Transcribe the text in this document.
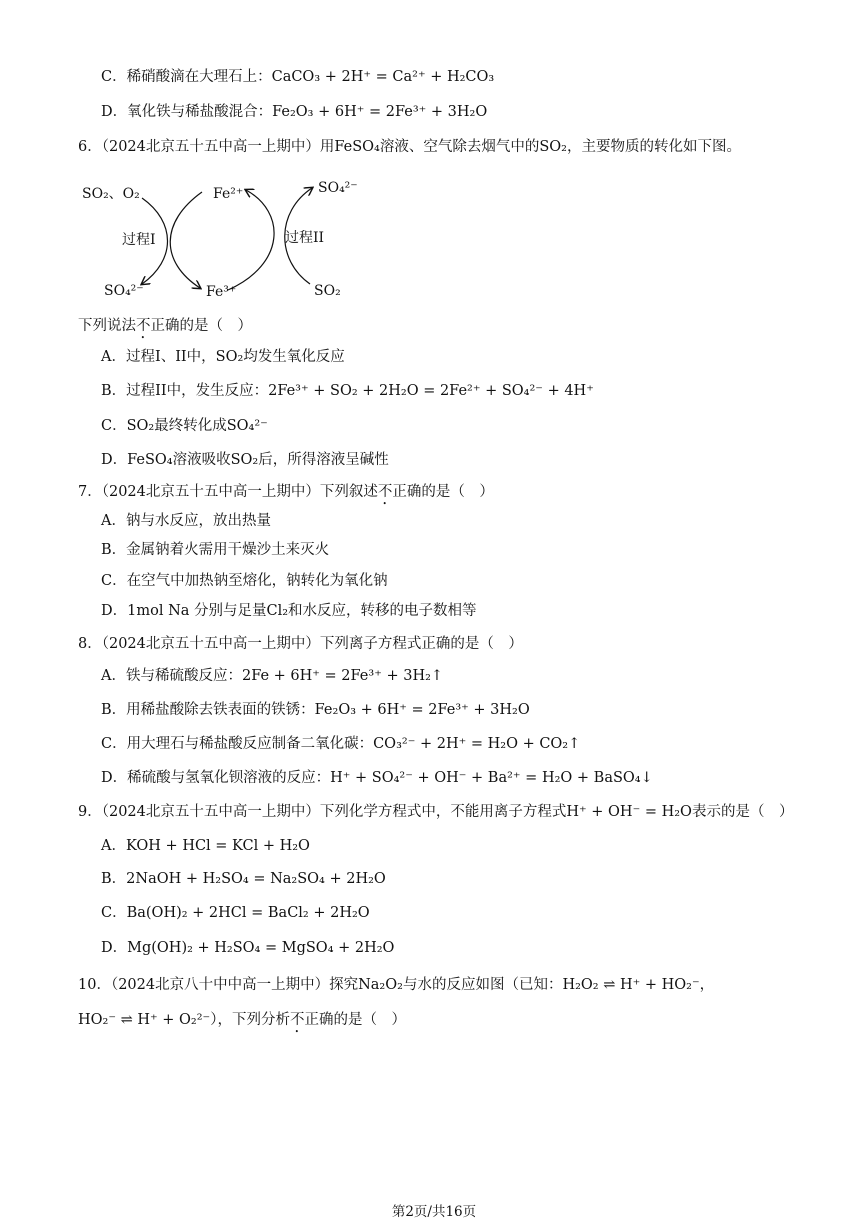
C．稀硝酸滴在大理石上：CaCO₃ + 2H⁺ = Ca²⁺ + H₂CO₃
D．氧化铁与稀盐酸混合：Fe₂O₃ + 6H⁺ = 2Fe³⁺ + 3H₂O
6．（2024北京五十五中高一上期中）用FeSO₄溶液、空气除去烟气中的SO₂，主要物质的转化如下图。
SO₂、O₂	Fe²⁺	SO₄²⁻
过程I	过程II
SO₄²⁻	Fe³⁺	SO₂
下列说法不正确的是（　）
A．过程I、II中，SO₂均发生氧化反应
B．过程II中，发生反应：2Fe³⁺ + SO₂ + 2H₂O = 2Fe²⁺ + SO₄²⁻ + 4H⁺
C．SO₂最终转化成SO₄²⁻
D．FeSO₄溶液吸收SO₂后，所得溶液呈碱性
7．（2024北京五十五中高一上期中）下列叙述不正确的是（　）
A．钠与水反应，放出热量
B．金属钠着火需用干燥沙土来灭火
C．在空气中加热钠至熔化，钠转化为氧化钠
D．1mol Na 分别与足量Cl₂和水反应，转移的电子数相等
8．（2024北京五十五中高一上期中）下列离子方程式正确的是（　）
A．铁与稀硫酸反应：2Fe + 6H⁺ = 2Fe³⁺ + 3H₂↑
B．用稀盐酸除去铁表面的铁锈：Fe₂O₃ + 6H⁺ = 2Fe³⁺ + 3H₂O
C．用大理石与稀盐酸反应制备二氧化碳：CO₃²⁻ + 2H⁺ = H₂O + CO₂↑
D．稀硫酸与氢氧化钡溶液的反应：H⁺ + SO₄²⁻ + OH⁻ + Ba²⁺ = H₂O + BaSO₄↓
9．（2024北京五十五中高一上期中）下列化学方程式中，不能用离子方程式H⁺ + OH⁻ = H₂O表示的是（　）
A．KOH + HCl = KCl + H₂O
B．2NaOH + H₂SO₄ = Na₂SO₄ + 2H₂O
C．Ba(OH)₂ + 2HCl = BaCl₂ + 2H₂O
D．Mg(OH)₂ + H₂SO₄ = MgSO₄ + 2H₂O
10．（2024北京八十中中高一上期中）探究Na₂O₂与水的反应如图（已知：H₂O₂ ⇌ H⁺ + HO₂⁻，
HO₂⁻ ⇌ H⁺ + O₂²⁻），下列分析不正确的是（　）
第2页/共16页
